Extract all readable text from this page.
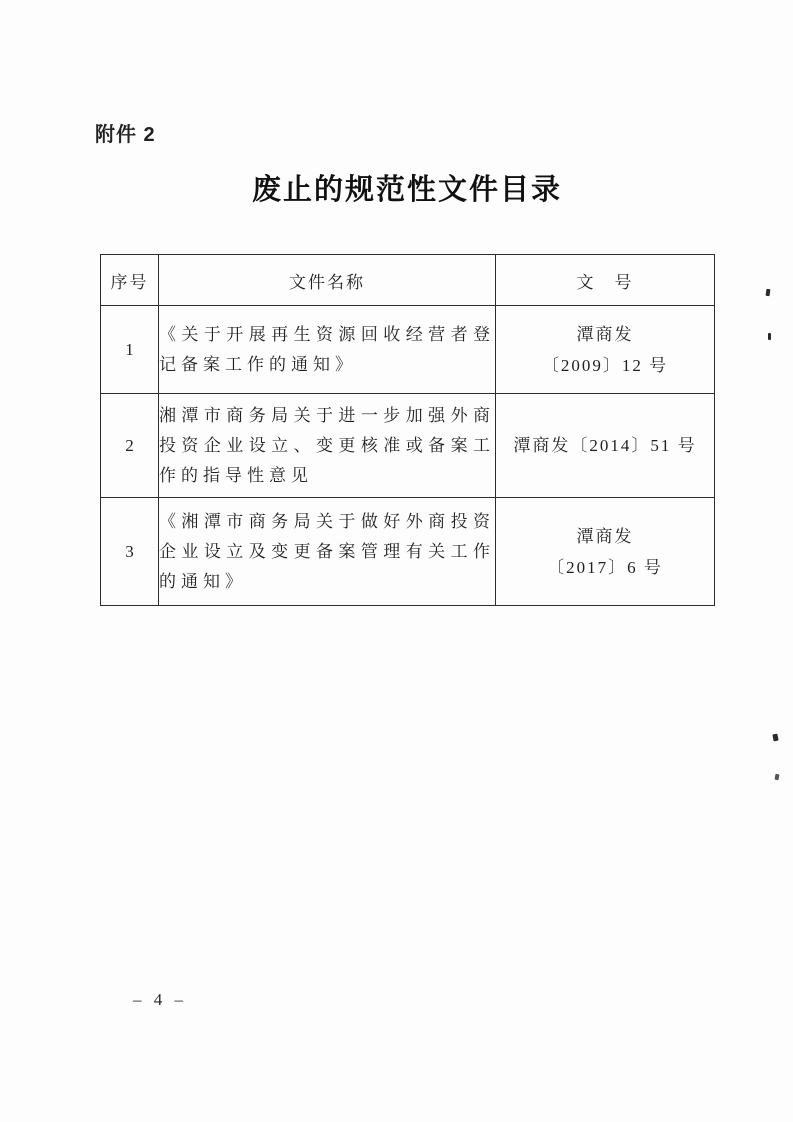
附件 2
废止的规范性文件目录
序号	文件名称	文　号
1	《关于开展再生资源回收经营者登记备案工作的通知》	潭商发
〔2009〕12 号

2	湘潭市商务局关于进一步加强外商投资企业设立、变更核准或备案工作的指导性意见	潭商发〔2014〕51 号

3	《湘潭市商务局关于做好外商投资企业设立及变更备案管理有关工作的通知》	潭商发
〔2017〕6 号
– 4 –
